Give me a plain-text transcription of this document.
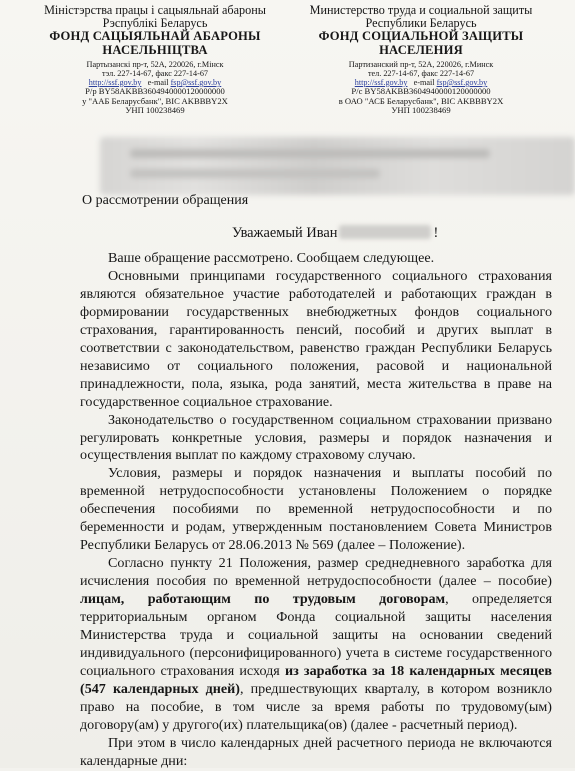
Міністэрства працы і сацыяльнай абароны
Рэспублікі Беларусь
ФОНД САЦЫЯЛЬНАЙ АБАРОНЫ
НАСЕЛЬНІЦТВА
Партызанскі пр-т, 52А, 220026, г.Мінск
тэл. 227-14-67, факс 227-14-67
http://ssf.gov.by e-mail fsp@ssf.gov.by
Р/р BY58AKBB3604940000120000000
у "ААБ Беларусбанк", BIC AKBBBY2X
УНП 100238469
Министерство труда и социальной защиты
Республики Беларусь
ФОНД СОЦИАЛЬНОЙ ЗАЩИТЫ
НАСЕЛЕНИЯ
Партизанский пр-т, 52А, 220026, г.Минск
тел. 227-14-67, факс 227-14-67
http://ssf.gov.by e-mail fsp@ssf.gov.by
Р/с BY58AKBB3604940000120000000
в ОАО "АСБ Беларусбанк", BIC AKBBBY2X
УНП 100238469
О рассмотрении обращения
Уважаемый Иван	!

Ваше обращение рассмотрено. Сообщаем следующее.

Основными принципами государственного социального страхования являются обязательное участие работодателей и работающих граждан в формировании государственных внебюджетных фондов социального страхования, гарантированность пенсий, пособий и других выплат в соответствии с законодательством, равенство граждан Республики Беларусь независимо от социального положения, расовой и национальной принадлежности, пола, языка, рода занятий, места жительства в праве на государственное социальное страхование.

Законодательство о государственном социальном страховании призвано регулировать конкретные условия, размеры и порядок назначения и осуществления выплат по каждому страховому случаю.

Условия, размеры и порядок назначения и выплаты пособий по временной нетрудоспособности установлены Положением о порядке обеспечения пособиями по временной нетрудоспособности и по беременности и родам, утвержденным постановлением Совета Министров Республики Беларусь от 28.06.2013 № 569 (далее – Положение).

Согласно пункту 21 Положения, размер среднедневного заработка для исчисления пособия по временной нетрудоспособности (далее – пособие) лицам, работающим по трудовым договорам, определяется территориальным органом Фонда социальной защиты населения Министерства труда и социальной защиты на основании сведений индивидуального (персонифицированного) учета в системе государственного социального страхования исходя из заработка за 18 календарных месяцев (547 календарных дней), предшествующих кварталу, в котором возникло право на пособие, в том числе за время работы по трудовому(ым) договору(ам) у другого(их) плательщика(ов) (далее - расчетный период).

При этом в число календарных дней расчетного периода не включаются календарные дни:
